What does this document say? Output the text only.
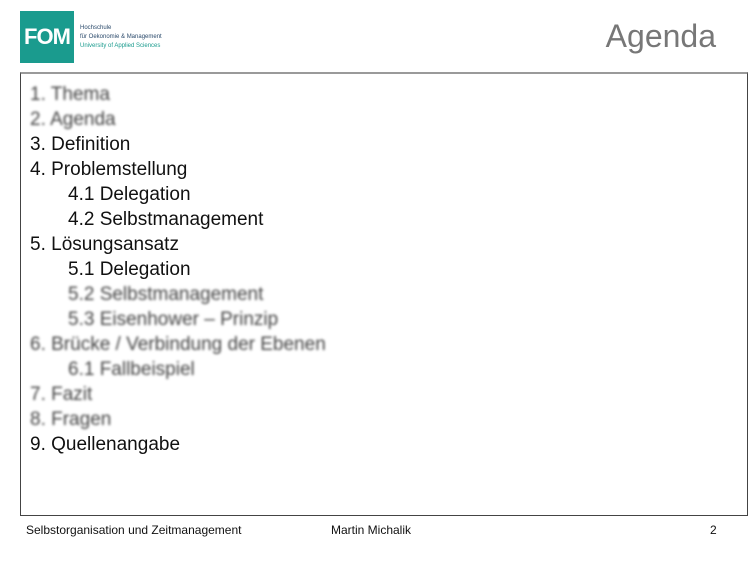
FOM	Hochschule
für Oekonomie & Management
University of Applied Sciences	Agenda
1. Thema
2. Agenda
3. Definition
4. Problemstellung
4.1 Delegation
4.2 Selbstmanagement
5. Lösungsansatz
5.1 Delegation
5.2 Selbstmanagement
5.3 Eisenhower – Prinzip
6. Brücke / Verbindung der Ebenen
6.1 Fallbeispiel
7. Fazit
8. Fragen
9. Quellenangabe
Selbstorganisation und Zeitmanagement	Martin Michalik	2
